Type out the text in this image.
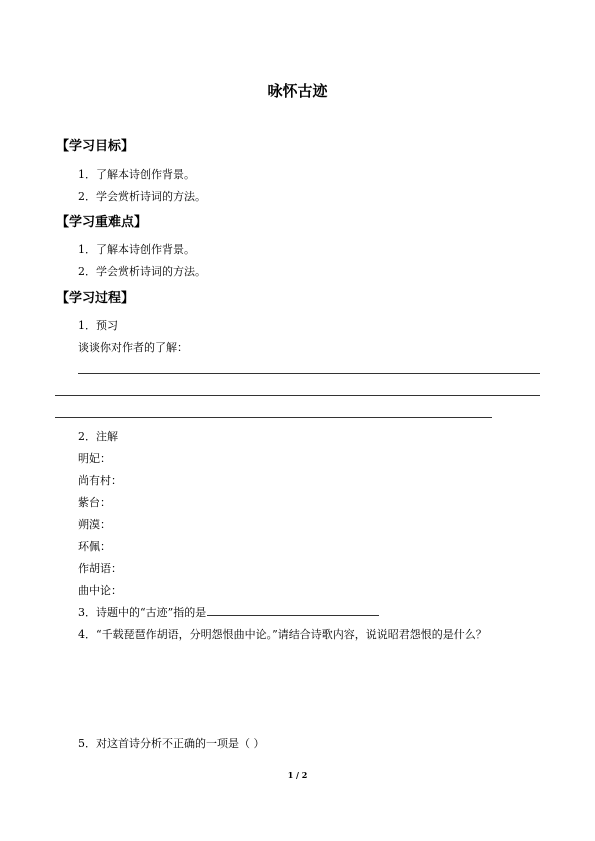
咏怀古迹
【学习目标】
1．了解本诗创作背景。
2．学会赏析诗词的方法。
【学习重难点】
1．了解本诗创作背景。
2．学会赏析诗词的方法。
【学习过程】
1．预习
谈谈你对作者的了解：
2．注解
明妃：
尚有村：
紫台：
朔漠：
环佩：
作胡语：
曲中论：
3．诗题中的“古迹”指的是
4．“千载琵琶作胡语，分明怨恨曲中论。”请结合诗歌内容，说说昭君怨恨的是什么？
5．对这首诗分析不正确的一项是（ ）
1 / 2
